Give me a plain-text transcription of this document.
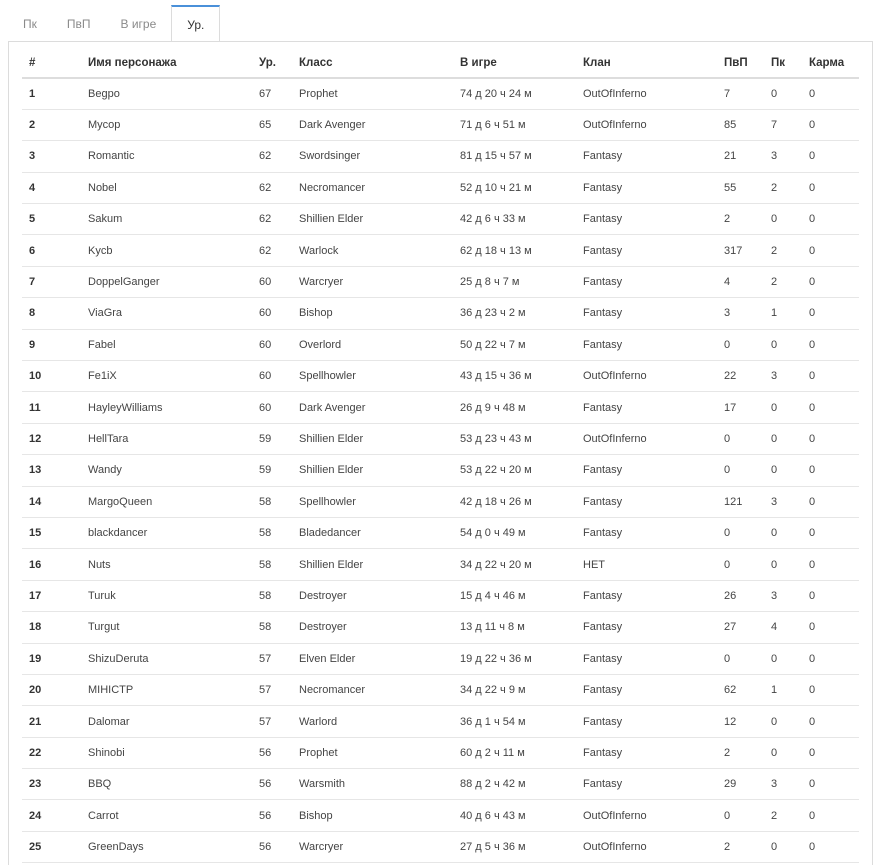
Пк	ПвП	В игре	Ур.
#	Имя персонажа	Ур.	Класс	В игре	Клан	ПвП	Пк	Карма
1	Begpo	67	Prophet	74 д 20 ч 24 м	OutOfInferno	7	0	0
2	Mycop	65	Dark Avenger	71 д 6 ч 51 м	OutOfInferno	85	7	0
3	Romantic	62	Swordsinger	81 д 15 ч 57 м	Fantasy	21	3	0
4	Nobel	62	Necromancer	52 д 10 ч 21 м	Fantasy	55	2	0
5	Sakum	62	Shillien Elder	42 д 6 ч 33 м	Fantasy	2	0	0
6	Kycb	62	Warlock	62 д 18 ч 13 м	Fantasy	317	2	0
7	DoppelGanger	60	Warcryer	25 д 8 ч 7 м	Fantasy	4	2	0
8	ViaGra	60	Bishop	36 д 23 ч 2 м	Fantasy	3	1	0
9	Fabel	60	Overlord	50 д 22 ч 7 м	Fantasy	0	0	0
10	Fe1iX	60	Spellhowler	43 д 15 ч 36 м	OutOfInferno	22	3	0
11	HayleyWilliams	60	Dark Avenger	26 д 9 ч 48 м	Fantasy	17	0	0
12	HellTara	59	Shillien Elder	53 д 23 ч 43 м	OutOfInferno	0	0	0
13	Wandy	59	Shillien Elder	53 д 22 ч 20 м	Fantasy	0	0	0
14	MargoQueen	58	Spellhowler	42 д 18 ч 26 м	Fantasy	121	3	0
15	blackdancer	58	Bladedancer	54 д 0 ч 49 м	Fantasy	0	0	0
16	Nuts	58	Shillien Elder	34 д 22 ч 20 м	НЕТ	0	0	0
17	Turuk	58	Destroyer	15 д 4 ч 46 м	Fantasy	26	3	0
18	Turgut	58	Destroyer	13 д 11 ч 8 м	Fantasy	27	4	0
19	ShizuDeruta	57	Elven Elder	19 д 22 ч 36 м	Fantasy	0	0	0
20	MIHICTP	57	Necromancer	34 д 22 ч 9 м	Fantasy	62	1	0
21	Dalomar	57	Warlord	36 д 1 ч 54 м	Fantasy	12	0	0
22	Shinobi	56	Prophet	60 д 2 ч 11 м	Fantasy	2	0	0
23	BBQ	56	Warsmith	88 д 2 ч 42 м	Fantasy	29	3	0
24	Carrot	56	Bishop	40 д 6 ч 43 м	OutOfInferno	0	2	0
25	GreenDays	56	Warcryer	27 д 5 ч 36 м	OutOfInferno	2	0	0
